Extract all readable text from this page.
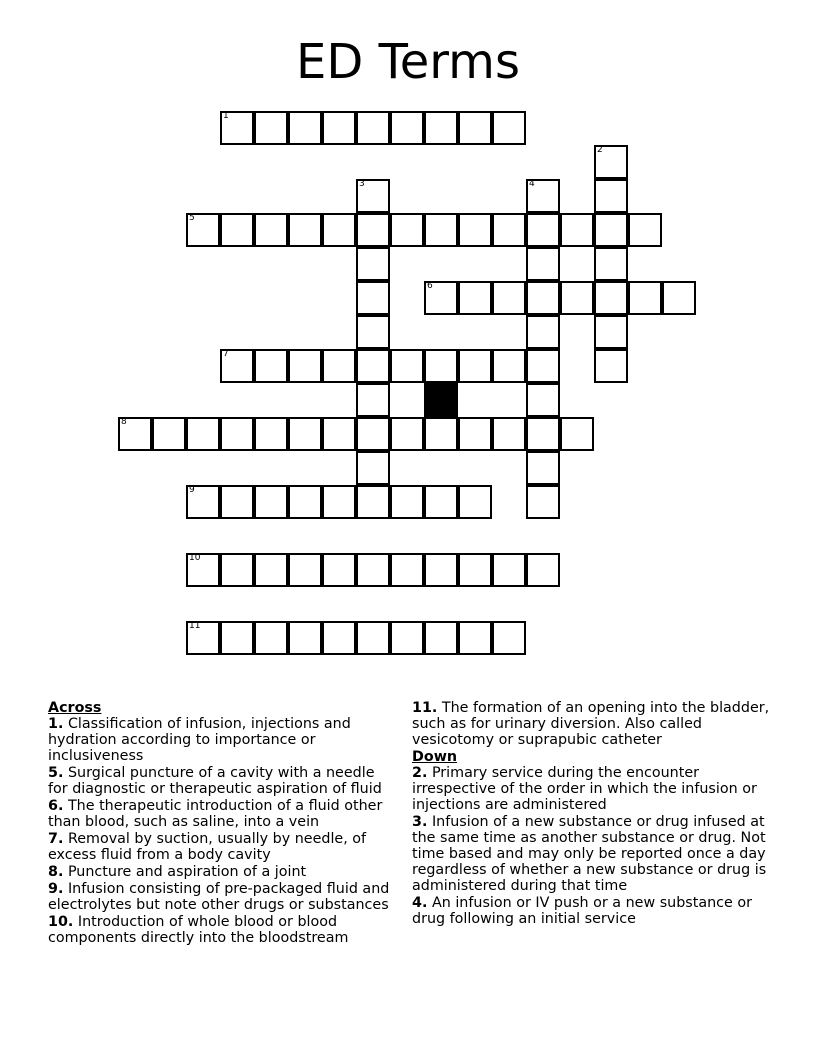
ED Terms
1
5
6
7
8
9
10
11
2
3	4
Across
1. Classification of infusion, injections and hydration according to importance or inclusiveness
5. Surgical puncture of a cavity with a needle for diagnostic or therapeutic aspiration of fluid
6. The therapeutic introduction of a fluid other than blood, such as saline, into a vein
7. Removal by suction, usually by needle, of excess fluid from a body cavity
8. Puncture and aspiration of a joint
9. Infusion consisting of pre-packaged fluid and electrolytes but note other drugs or substances
10. Introduction of whole blood or blood components directly into the bloodstream
11. The formation of an opening into the bladder, such as for urinary diversion. Also called vesicotomy or suprapubic catheter
Down
2. Primary service during the encounter irrespective of the order in which the infusion or injections are administered
3. Infusion of a new substance or drug infused at the same time as another substance or drug. Not time based and may only be reported once a day regardless of whether a new substance or drug is administered during that time
4. An infusion or IV push or a new substance or drug following an initial service
